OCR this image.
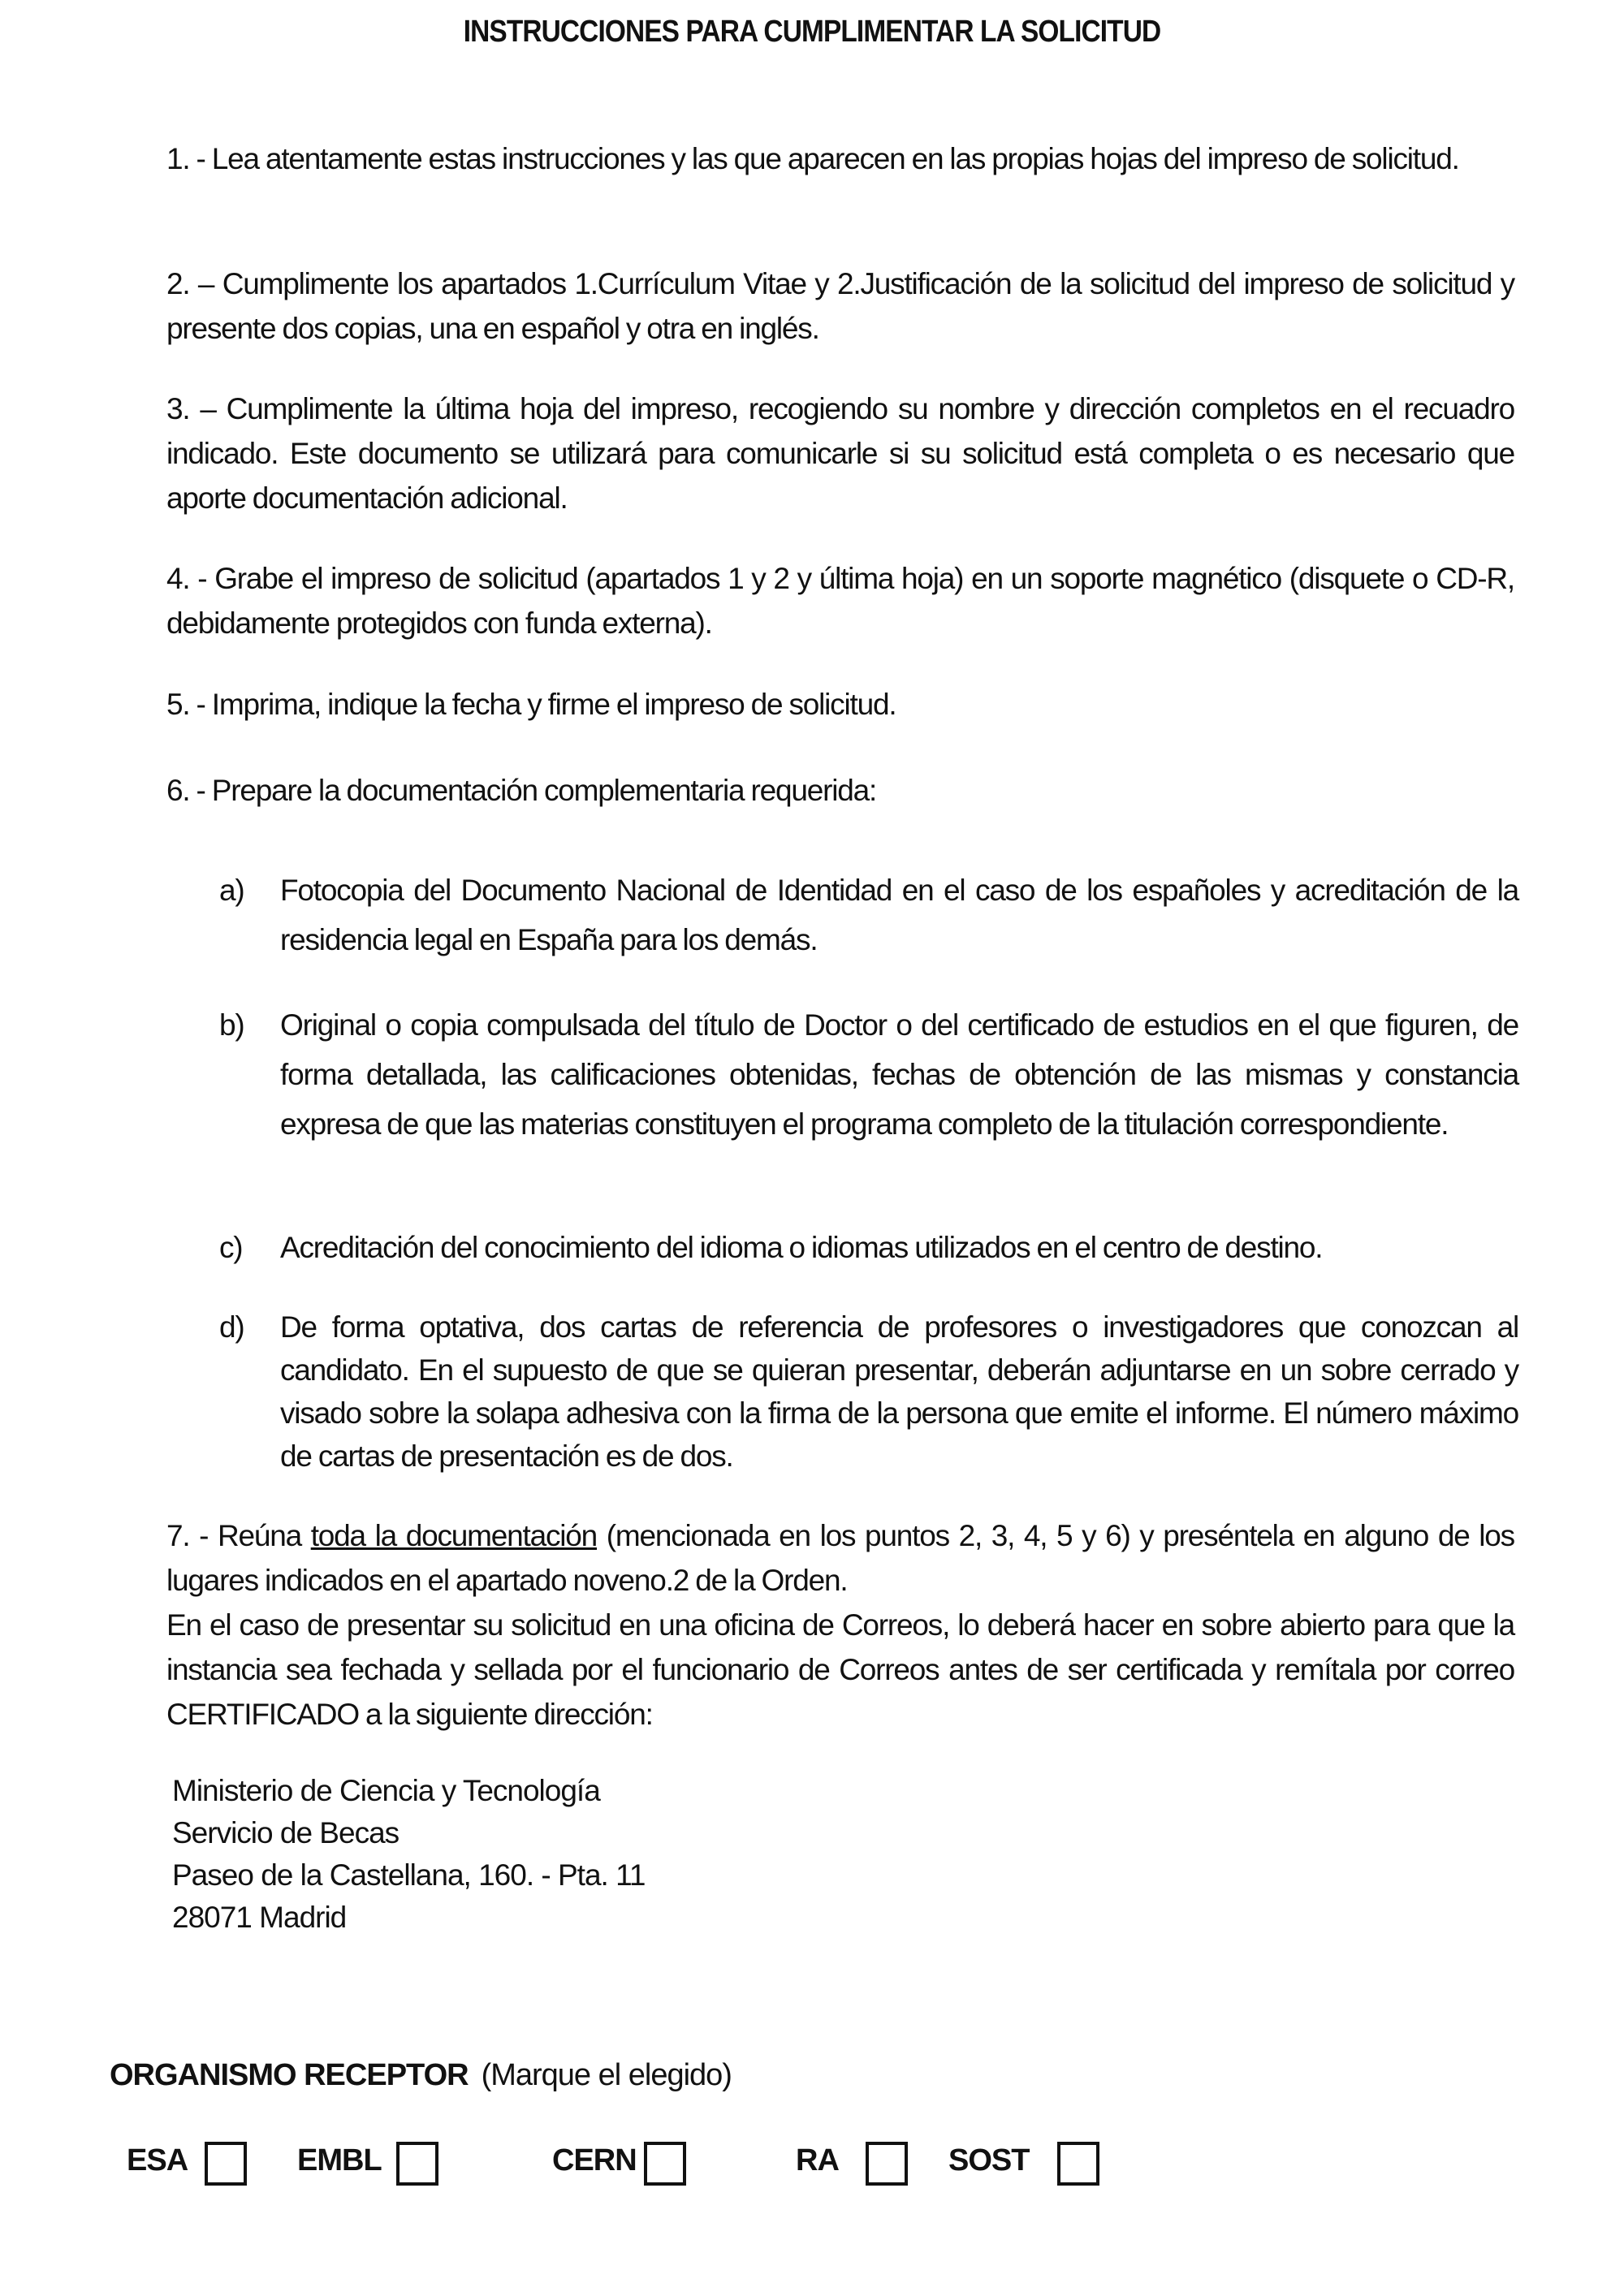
INSTRUCCIONES PARA CUMPLIMENTAR LA SOLICITUD
1. - Lea atentamente estas instrucciones y las que aparecen en las propias hojas del impreso de solicitud.
2. – Cumplimente los apartados 1.Currículum Vitae y 2.Justificación de la solicitud del impreso de solicitud y presente dos copias, una en español y otra en inglés.
3. – Cumplimente la última hoja del impreso, recogiendo su nombre y dirección completos en el recuadro indicado. Este documento se utilizará para comunicarle si su solicitud está completa o es necesario que aporte documentación adicional.
4. - Grabe el impreso de solicitud (apartados 1 y 2 y última hoja) en un soporte magnético (disquete o CD-R, debidamente protegidos con funda externa).
5. - Imprima, indique la fecha y firme el impreso de solicitud.
6. - Prepare la documentación complementaria requerida:
a) Fotocopia del Documento Nacional de Identidad en el caso de los españoles y acreditación de la residencia legal en España para los demás.
b) Original o copia compulsada del título de Doctor o del certificado de estudios en el que figuren, de forma detallada, las calificaciones obtenidas, fechas de obtención de las mismas y constancia expresa de que las materias constituyen el programa completo de la titulación correspondiente.
c) Acreditación del conocimiento del idioma o idiomas utilizados en el centro de destino.
d) De forma optativa, dos cartas de referencia de profesores o investigadores que conozcan al candidato. En el supuesto de que se quieran presentar, deberán adjuntarse en un sobre cerrado y visado sobre la solapa adhesiva con la firma de la persona que emite el informe. El número máximo de cartas de presentación es de dos.
7. - Reúna toda la documentación (mencionada en los puntos 2, 3, 4, 5 y 6) y preséntela en alguno de los lugares indicados en el apartado noveno.2 de la Orden.
En el caso de presentar su solicitud en una oficina de Correos, lo deberá hacer en sobre abierto para que la instancia sea fechada y sellada por el funcionario de Correos antes de ser certificada y remítala por correo CERTIFICADO a la siguiente dirección:
Ministerio de Ciencia y Tecnología
Servicio de Becas
Paseo de la Castellana, 160. - Pta. 11
28071 Madrid
ORGANISMO RECEPTOR (Marque el elegido)
ESA	EMBL	CERN	RA	SOST
